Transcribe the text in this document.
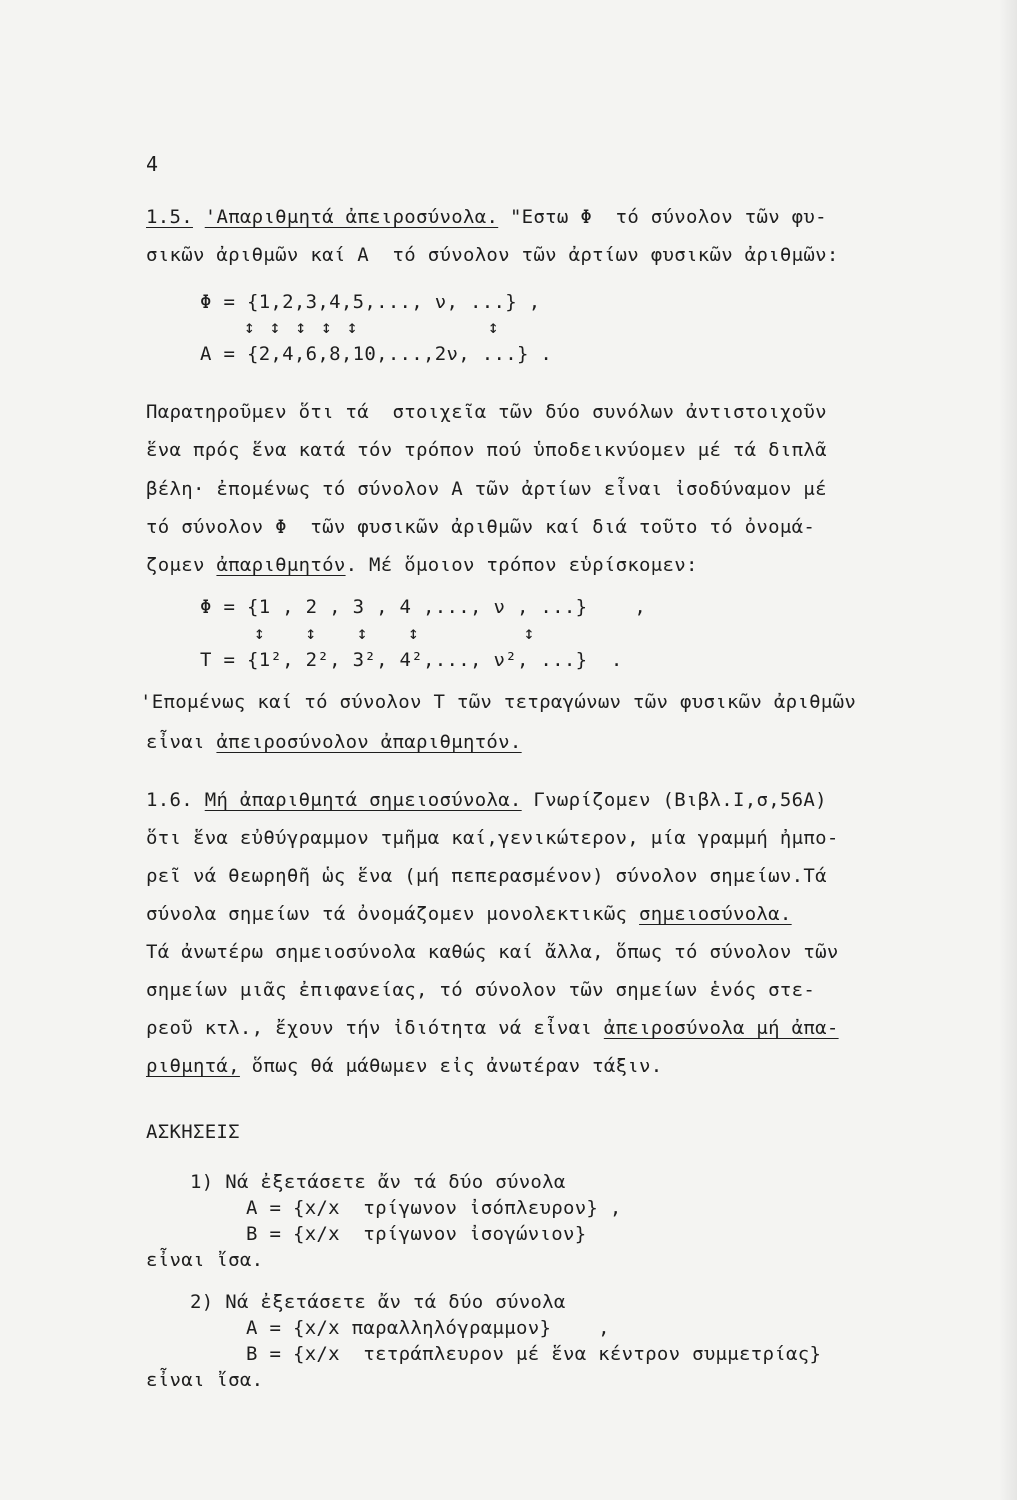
4
1.5. 'Απαριθμητά ἀπειροσύνολα. "Εστω Φ  τό σύνολον τῶν φυ-
σικῶν ἀριθμῶν καί Α  τό σύνολον τῶν ἀρτίων φυσικῶν ἀριθμῶν:
Φ = {1,2,3,4,5,..., ν, ...} ,
↕ ↕ ↕ ↕ ↕          ↕
Α = {2,4,6,8,10,...,2ν, ...} .
Παρατηροῦμεν ὅτι τά  στοιχεῖα τῶν δύο συνόλων ἀντιστοιχοῦν
ἕνα πρός ἕνα κατά τόν τρόπον πού ὑποδεικνύομεν μέ τά διπλᾶ
βέλη· ἐπομένως τό σύνολον Α τῶν ἀρτίων εἶναι ἰσοδύναμον μέ
τό σύνολον Φ  τῶν φυσικῶν ἀριθμῶν καί διά τοῦτο τό ὀνομά-
ζομεν ἀπαριθμητόν. Μέ ὅμοιον τρόπον εὑρίσκομεν:
Φ = {1 , 2 , 3 , 4 ,..., ν , ...}    ,
↕   ↕   ↕   ↕        ↕
T = {1², 2², 3², 4²,..., ν², ...}  .
'Επομένως καί τό σύνολον Τ τῶν τετραγώνων τῶν φυσικῶν ἀριθμῶν
εἶναι ἀπειροσύνολον ἀπαριθμητόν.
1.6. Μή ἀπαριθμητά σημειοσύνολα. Γνωρίζομεν (Βιβλ.Ι,σ,56Α)
ὅτι ἕνα εὐθύγραμμον τμῆμα καί,γενικώτερον, μία γραμμή ἠμπο-
ρεῖ νά θεωρηθῆ ὡς ἕνα (μή πεπερασμένον) σύνολον σημείων.Τά
σύνολα σημείων τά ὀνομάζομεν μονολεκτικῶς σημειοσύνολα.
Τά ἀνωτέρω σημειοσύνολα καθώς καί ἄλλα, ὅπως τό σύνολον τῶν
σημείων μιᾶς ἐπιφανείας, τό σύνολον τῶν σημείων ἑνός στε-
ρεοῦ κτλ., ἔχουν τήν ἰδιότητα νά εἶναι ἀπειροσύνολα μή ἀπα-
ριθμητά, ὅπως θά μάθωμεν εἰς ἀνωτέραν τάξιν.
ΑΣΚΗΣΕΙΣ
1) Νά ἐξετάσετε ἄν τά δύο σύνολα
Α = {x/x  τρίγωνον ἰσόπλευρον} ,
Β = {x/x  τρίγωνον ἰσογώνιον}
εἶναι ἴσα.
2) Νά ἐξετάσετε ἄν τά δύο σύνολα
Α = {x/x παραλληλόγραμμον}    ,
Β = {x/x  τετράπλευρον μέ ἕνα κέντρον συμμετρίας}
εἶναι ἴσα.
